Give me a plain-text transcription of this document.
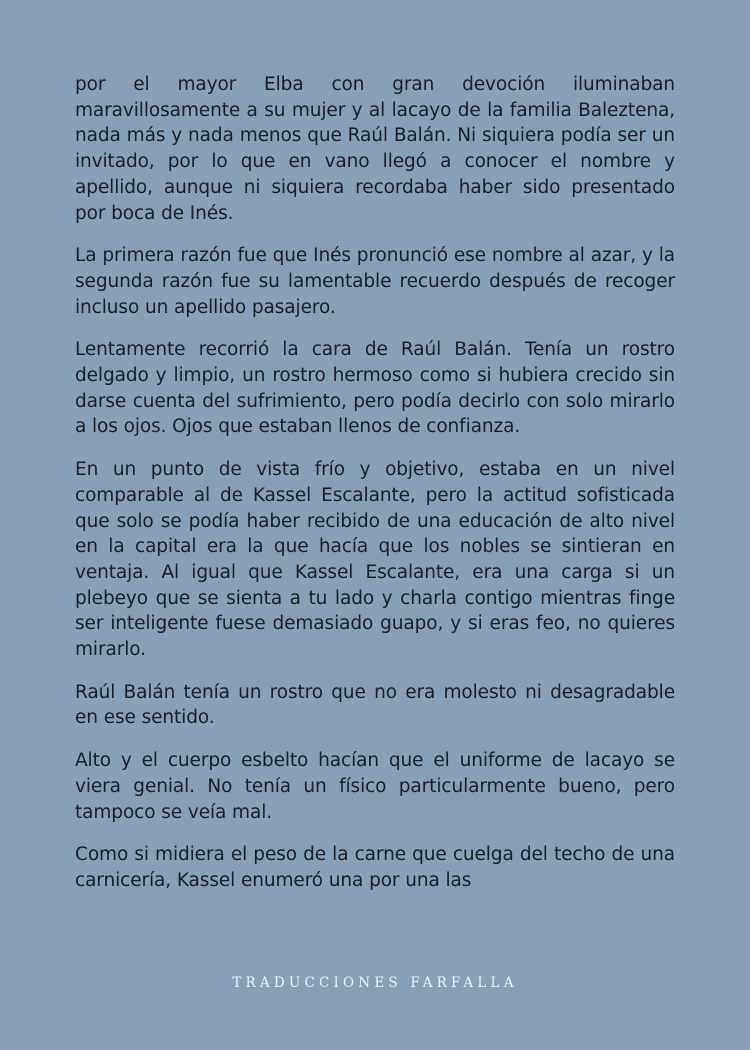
por el mayor Elba con gran devoción iluminaban maravillosamente a su mujer y al lacayo de la familia Baleztena, nada más y nada menos que Raúl Balán. Ni siquiera podía ser un invitado, por lo que en vano llegó a conocer el nombre y apellido, aunque ni siquiera recordaba haber sido presentado por boca de Inés.

La primera razón fue que Inés pronunció ese nombre al azar, y la segunda razón fue su lamentable recuerdo después de recoger incluso un apellido pasajero.

Lentamente recorrió la cara de Raúl Balán. Tenía un rostro delgado y limpio, un rostro hermoso como si hubiera crecido sin darse cuenta del sufrimiento, pero podía decirlo con solo mirarlo a los ojos. Ojos que estaban llenos de confianza.

En un punto de vista frío y objetivo, estaba en un nivel comparable al de Kassel Escalante, pero la actitud sofisticada que solo se podía haber recibido de una educación de alto nivel en la capital era la que hacía que los nobles se sintieran en ventaja. Al igual que Kassel Escalante, era una carga si un plebeyo que se sienta a tu lado y charla contigo mientras finge ser inteligente fuese demasiado guapo, y si eras feo, no quieres mirarlo.

Raúl Balán tenía un rostro que no era molesto ni desagradable en ese sentido.

Alto y el cuerpo esbelto hacían que el uniforme de lacayo se viera genial. No tenía un físico particularmente bueno, pero tampoco se veía mal.

Como si midiera el peso de la carne que cuelga del techo de una carnicería, Kassel enumeró una por una las

TRADUCCIONES FARFALLA
